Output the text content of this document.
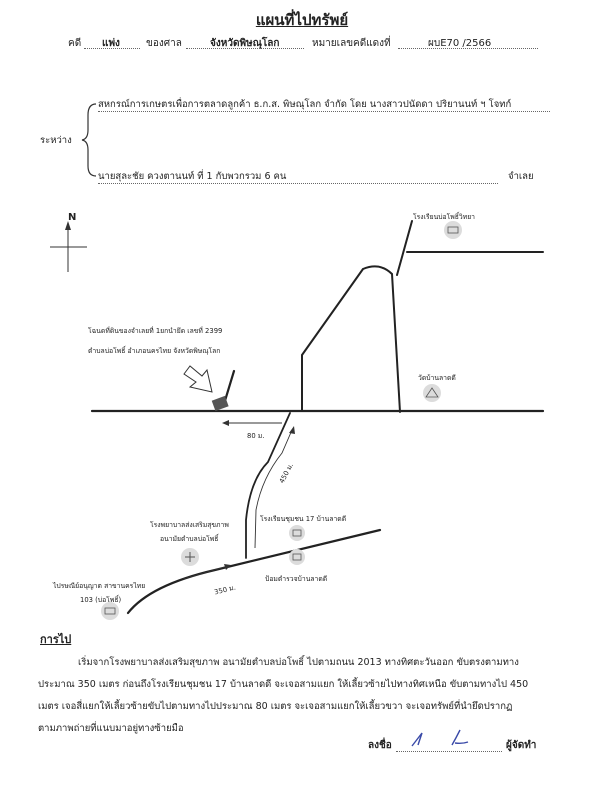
แผนที่ไปทรัพย์
คดี แพ่ง	ของศาล	จังหวัดพิษณุโลก	หมายเลขคดีแดงที่	ผบE70 /2566
สหกรณ์การเกษตรเพื่อการตลาดลูกค้า ธ.ก.ส. พิษณุโลก จำกัด โดย นางสาวปนัดดา ปริยานนท์ ฯ โจทก์
ระหว่าง
นายสุละชัย ควงตานนท์ ที่ 1 กับพวกรวม 6 คน	จำเลย
โรงเรียนบ่อโพธิ์วิทยา
วัดบ้านลาดดี
โฉนดที่ดินของจำเลยที่ 1ยกนำยึด เลขที่ 2399
ตำบลบ่อโพธิ์ อำเภอนครไทย จังหวัดพิษณุโลก
โรงพยาบาลส่งเสริมสุขภาพ
อนามัยตำบลบ่อโพธิ์
โรงเรียนชุมชน 17 บ้านลาดดี
ป้อมตำรวจบ้านลาดดี
ไปรษณีย์อนุญาต สาขานครไทย
103 (บ่อโพธิ์)
N
80 ม.
450 ม.
350 ม.
การไป
เริ่มจากโรงพยาบาลส่งเสริมสุขภาพ อนามัยตำบลบ่อโพธิ์ ไปตามถนน 2013 ทางทิศตะวันออก ขับตรงตามทาง
ประมาณ 350 เมตร ก่อนถึงโรงเรียนชุมชน 17 บ้านลาดดี จะเจอสามแยก ให้เลี้ยวซ้ายไปทางทิศเหนือ ขับตามทางไป 450
เมตร เจอสี่แยกให้เลี้ยวซ้ายขับไปตามทางไปประมาณ 80 เมตร จะเจอสามแยกให้เลี้ยวขวา จะเจอทรัพย์ที่นำยึดปรากฏ
ตามภาพถ่ายที่แนบมาอยู่ทางซ้ายมือ
ลงชื่อ	ผู้จัดทำ
